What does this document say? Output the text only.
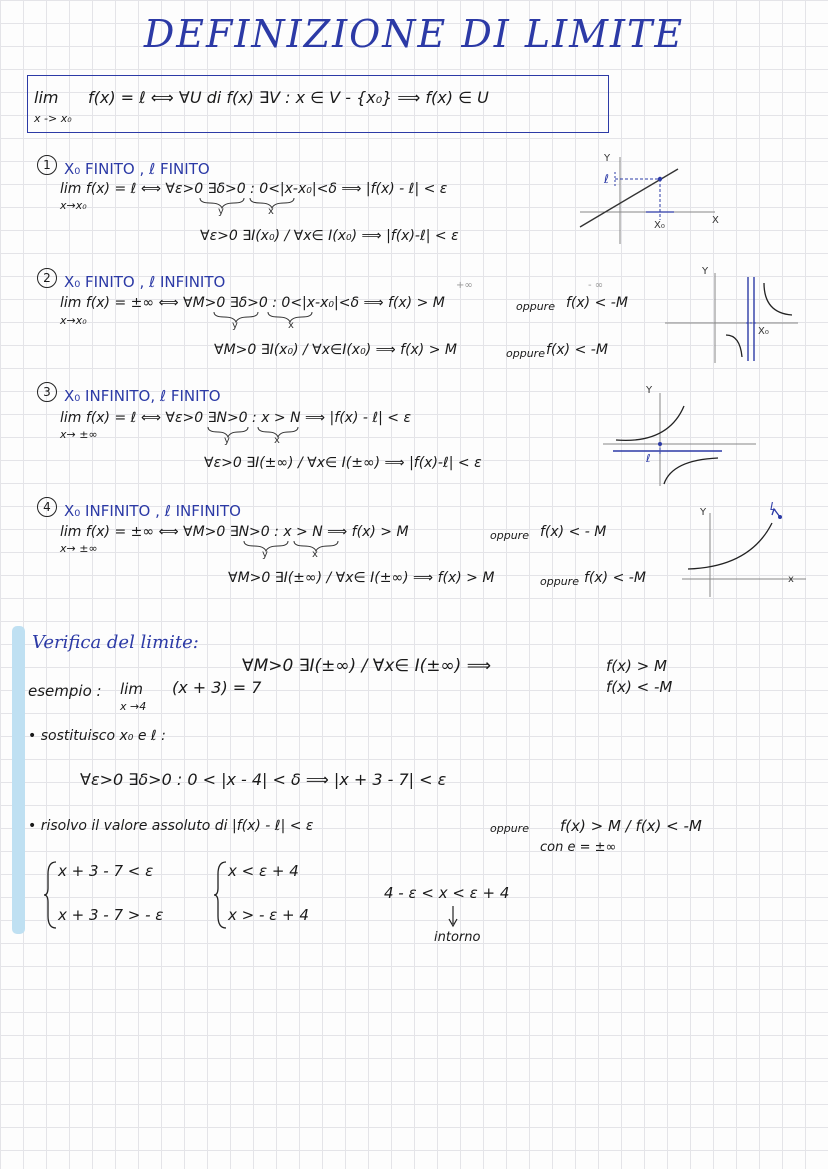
DEFINIZIONE DI LIMITE
lim
x -> x₀
f(x) = ℓ ⟺ ∀U di f(x) ∃V : x ∈ V - {x₀} ⟹ f(x) ∈ U
1 X₀ FINITO , ℓ FINITO
lim f(x) = ℓ ⟺ ∀ε>0 ∃δ>0 : 0<|x-x₀|<δ ⟹ |f(x) - ℓ| < ε
x→x₀	y	x
∀ε>0 ∃I(x₀) / ∀x∈ I(x₀) ⟹ |f(x)-ℓ| < ε
Y
X
ℓ
X₀
2 X₀ FINITO , ℓ INFINITO	+∞	- ∞
lim f(x) = ±∞ ⟺ ∀M>0 ∃δ>0 : 0<|x-x₀|<δ ⟹ f(x) > M	oppure f(x) < -M
x→x₀	y	x
∀M>0 ∃I(x₀) / ∀x∈I(x₀) ⟹ f(x) > M	oppure f(x) < -M
Y
X₀
3 X₀ INFINITO, ℓ FINITO
lim f(x) = ℓ ⟺ ∀ε>0 ∃N>0 : x > N ⟹ |f(x) - ℓ| < ε
x→ ±∞	y	x
∀ε>0 ∃I(±∞) / ∀x∈ I(±∞) ⟹ |f(x)-ℓ| < ε
Y
ℓ
4 X₀ INFINITO , ℓ INFINITO
lim f(x) = ±∞ ⟺ ∀M>0 ∃N>0 : x > N ⟹ f(x) > M	oppure f(x) < - M
x→ ±∞	y	x
∀M>0 ∃I(±∞) / ∀x∈ I(±∞) ⟹ f(x) > M	oppure f(x) < -M
Y
x
L
Verifica del limite:
∀M>0 ∃I(±∞) / ∀x∈ I(±∞) ⟹	f(x) > M
f(x) < -M
esempio : lim
x →4
(x + 3) = 7
• sostituisco x₀ e ℓ :
∀ε>0 ∃δ>0 : 0 < |x - 4| < δ ⟹ |x + 3 - 7| < ε
• risolvo il valore assoluto di |f(x) - ℓ| < ε	oppure f(x) > M / f(x) < -M
con e = ±∞
x + 3 - 7 < ε
x + 3 - 7 > - ε
x < ε + 4
x > - ε + 4
4 - ε < x < ε + 4
intorno
